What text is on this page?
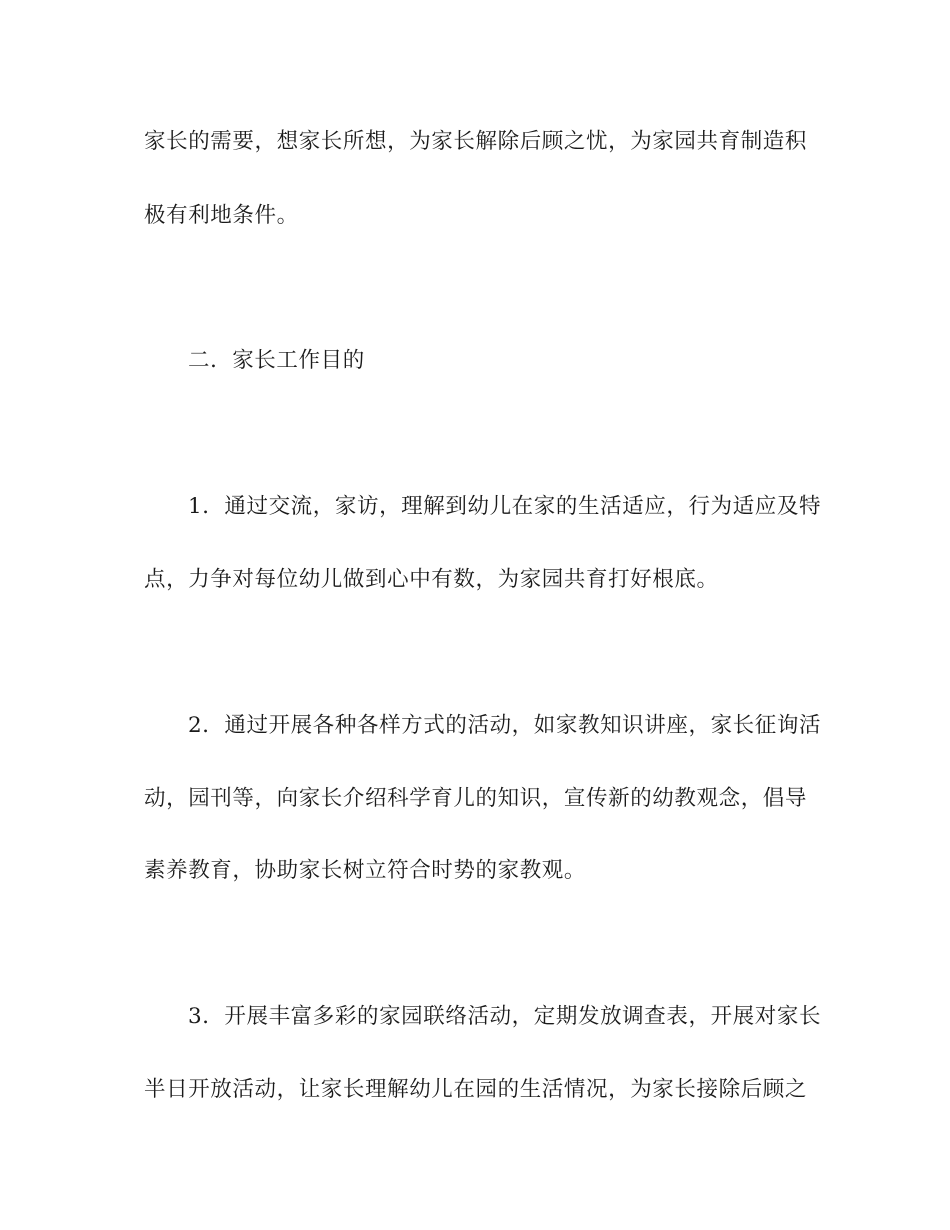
家长的需要，想家长所想，为家长解除后顾之忧，为家园共育制造积
极有利地条件。
二．家长工作目的
1．通过交流，家访，理解到幼儿在家的生活适应，行为适应及特
点，力争对每位幼儿做到心中有数，为家园共育打好根底。
2．通过开展各种各样方式的活动，如家教知识讲座，家长征询活
动，园刊等，向家长介绍科学育儿的知识，宣传新的幼教观念，倡导
素养教育，协助家长树立符合时势的家教观。
3．开展丰富多彩的家园联络活动，定期发放调查表，开展对家长
半日开放活动，让家长理解幼儿在园的生活情况，为家长接除后顾之
